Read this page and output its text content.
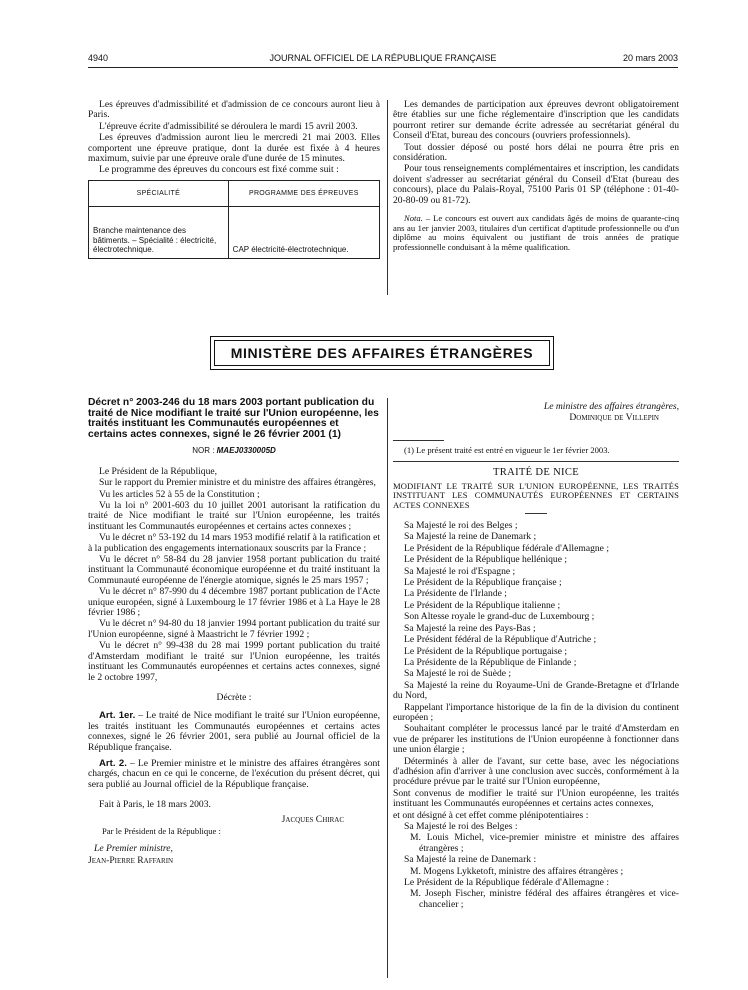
4940	JOURNAL OFFICIEL DE LA RÉPUBLIQUE FRANÇAISE	20 mars 2003

Les épreuves d'admissibilité et d'admission de ce concours auront lieu à Paris.

L'épreuve écrite d'admissibilité se déroulera le mardi 15 avril 2003.

Les épreuves d'admission auront lieu le mercredi 21 mai 2003. Elles comportent une épreuve pratique, dont la durée est fixée à 4 heures maximum, suivie par une épreuve orale d'une durée de 15 minutes.

Le programme des épreuves du concours est fixé comme suit :

SPÉCIALITÉ	PROGRAMME DES ÉPREUVES
Branche maintenance des bâtiments. – Spécialité : électricité, électrotechnique.	CAP électricité-électrotechnique.

Les demandes de participation aux épreuves devront obligatoirement être établies sur une fiche réglementaire d'inscription que les candidats pourront retirer sur demande écrite adressée au secrétariat général du Conseil d'Etat, bureau des concours (ouvriers professionnels).

Tout dossier déposé ou posté hors délai ne pourra être pris en considération.

Pour tous renseignements complémentaires et inscription, les candidats doivent s'adresser au secrétariat général du Conseil d'Etat (bureau des concours), place du Palais-Royal, 75100 Paris 01 SP (téléphone : 01-40-20-80-09 ou 81-72).

Nota. – Le concours est ouvert aux candidats âgés de moins de quarante-cinq ans au 1er janvier 2003, titulaires d'un certificat d'aptitude professionnelle ou d'un diplôme au moins équivalent ou justifiant de trois années de pratique professionnelle conduisant à la même qualification.

MINISTÈRE DES AFFAIRES ÉTRANGÈRES
Décret n° 2003-246 du 18 mars 2003 portant publication du traité de Nice modifiant le traité sur l'Union européenne, les traités instituant les Communautés européennes et certains actes connexes, signé le 26 février 2001 (1)
NOR : MAEJ0330005D

Le Président de la République,

Sur le rapport du Premier ministre et du ministre des affaires étrangères,

Vu les articles 52 à 55 de la Constitution ;

Vu la loi n° 2001-603 du 10 juillet 2001 autorisant la ratification du traité de Nice modifiant le traité sur l'Union européenne, les traités instituant les Communautés européennes et certains actes connexes ;

Vu le décret n° 53-192 du 14 mars 1953 modifié relatif à la ratification et à la publication des engagements internationaux souscrits par la France ;

Vu le décret n° 58-84 du 28 janvier 1958 portant publication du traité instituant la Communauté économique européenne et du traité instituant la Communauté européenne de l'énergie atomique, signés le 25 mars 1957 ;

Vu le décret n° 87-990 du 4 décembre 1987 portant publication de l'Acte unique européen, signé à Luxembourg le 17 février 1986 et à La Haye le 28 février 1986 ;

Vu le décret n° 94-80 du 18 janvier 1994 portant publication du traité sur l'Union européenne, signé à Maastricht le 7 février 1992 ;

Vu le décret n° 99-438 du 28 mai 1999 portant publication du traité d'Amsterdam modifiant le traité sur l'Union européenne, les traités instituant les Communautés européennes et certains actes connexes, signé le 2 octobre 1997,

Décrète :

Art. 1er. – Le traité de Nice modifiant le traité sur l'Union européenne, les traités instituant les Communautés européennes et certains actes connexes, signé le 26 février 2001, sera publié au Journal officiel de la République française.

Art. 2. – Le Premier ministre et le ministre des affaires étrangères sont chargés, chacun en ce qui le concerne, de l'exécution du présent décret, qui sera publié au Journal officiel de la République française.

Fait à Paris, le 18 mars 2003.

Jacques Chirac

Par le Président de la République :

Le Premier ministre,

Jean-Pierre Raffarin

Le ministre des affaires étrangères,

Dominique de Villepin

(1) Le présent traité est entré en vigueur le 1er février 2003.

TRAITÉ DE NICE

MODIFIANT LE TRAITÉ SUR L'UNION EUROPÉENNE, LES TRAITÉS INSTITUANT LES COMMUNAUTÉS EUROPÉENNES ET CERTAINS ACTES CONNEXES

Sa Majesté le roi des Belges ;

Sa Majesté la reine de Danemark ;

Le Président de la République fédérale d'Allemagne ;

Le Président de la République hellénique ;

Sa Majesté le roi d'Espagne ;

Le Président de la République française ;

La Présidente de l'Irlande ;

Le Président de la République italienne ;

Son Altesse royale le grand-duc de Luxembourg ;

Sa Majesté la reine des Pays-Bas ;

Le Président fédéral de la République d'Autriche ;

Le Président de la République portugaise ;

La Présidente de la République de Finlande ;

Sa Majesté le roi de Suède ;

Sa Majesté la reine du Royaume-Uni de Grande-Bretagne et d'Irlande du Nord,

Rappelant l'importance historique de la fin de la division du continent européen ;

Souhaitant compléter le processus lancé par le traité d'Amsterdam en vue de préparer les institutions de l'Union européenne à fonctionner dans une union élargie ;

Déterminés à aller de l'avant, sur cette base, avec les négociations d'adhésion afin d'arriver à une conclusion avec succès, conformément à la procédure prévue par le traité sur l'Union européenne,

Sont convenus de modifier le traité sur l'Union européenne, les traités instituant les Communautés européennes et certains actes connexes,

et ont désigné à cet effet comme plénipotentiaires :

Sa Majesté le roi des Belges :

M. Louis Michel, vice-premier ministre et ministre des affaires étrangères ;

Sa Majesté la reine de Danemark :

M. Mogens Lykketoft, ministre des affaires étrangères ;

Le Président de la République fédérale d'Allemagne :

M. Joseph Fischer, ministre fédéral des affaires étrangères et vice-chancelier ;
